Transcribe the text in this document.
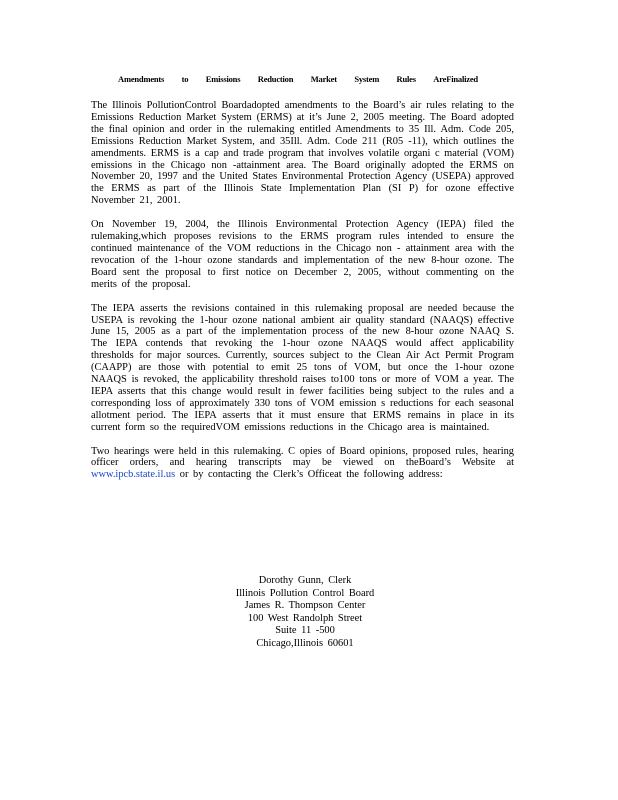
Amendments to Emissions Reduction Market System Rules AreFinalized

The Illinois PollutionControl Boardadopted amendments to the Board’s air rules relating to the Emissions Reduction Market System (ERMS) at it’s June 2, 2005 meeting. The Board adopted the final opinion and order in the rulemaking entitled Amendments to 35 Ill. Adm. Code 205, Emissions Reduction Market System, and 35Ill. Adm. Code 211 (R05 -11), which outlines the amendments. ERMS is a cap and trade program that involves volatile organi c material (VOM) emissions in the Chicago non -attainment area. The Board originally adopted the ERMS on November 20, 1997 and the United States Environmental Protection Agency (USEPA) approved the ERMS as part of the Illinois State Implementation Plan (SI P) for ozone effective November 21, 2001.

On November 19, 2004, the Illinois Environmental Protection Agency (IEPA) filed the rulemaking,which proposes revisions to the ERMS program rules intended to ensure the continued maintenance of the VOM reductions in the Chicago non - attainment area with the revocation of the 1-hour ozone standards and implementation of the new 8-hour ozone. The Board sent the proposal to first notice on December 2, 2005, without commenting on the merits of the proposal.

The IEPA asserts the revisions contained in this rulemaking proposal are needed because the USEPA is revoking the 1-hour ozone national ambient air quality standard (NAAQS) effective June 15, 2005 as a part of the implementation process of the new 8-hour ozone NAAQ S. The IEPA contends that revoking the 1-hour ozone NAAQS would affect applicability thresholds for major sources. Currently, sources subject to the Clean Air Act Permit Program (CAAPP) are those with potential to emit 25 tons of VOM, but once the 1-hour ozone NAAQS is revoked, the applicability threshold raises to100 tons or more of VOM a year. The IEPA asserts that this change would result in fewer facilities being subject to the rules and a corresponding loss of approximately 330 tons of VOM emission s reductions for each seasonal allotment period. The IEPA asserts that it must ensure that ERMS remains in place in its current form so the requiredVOM emissions reductions in the Chicago area is maintained.

Two hearings were held in this rulemaking. C opies of Board opinions, proposed rules, hearing officer orders, and hearing transcripts may be viewed on theBoard’s Website at www.ipcb.state.il.us or by contacting the Clerk’s Officeat the following address:

Dorothy Gunn, Clerk
Illinois Pollution Control Board
James R. Thompson Center
100 West Randolph Street
Suite 11 -500
Chicago,Illinois 60601
